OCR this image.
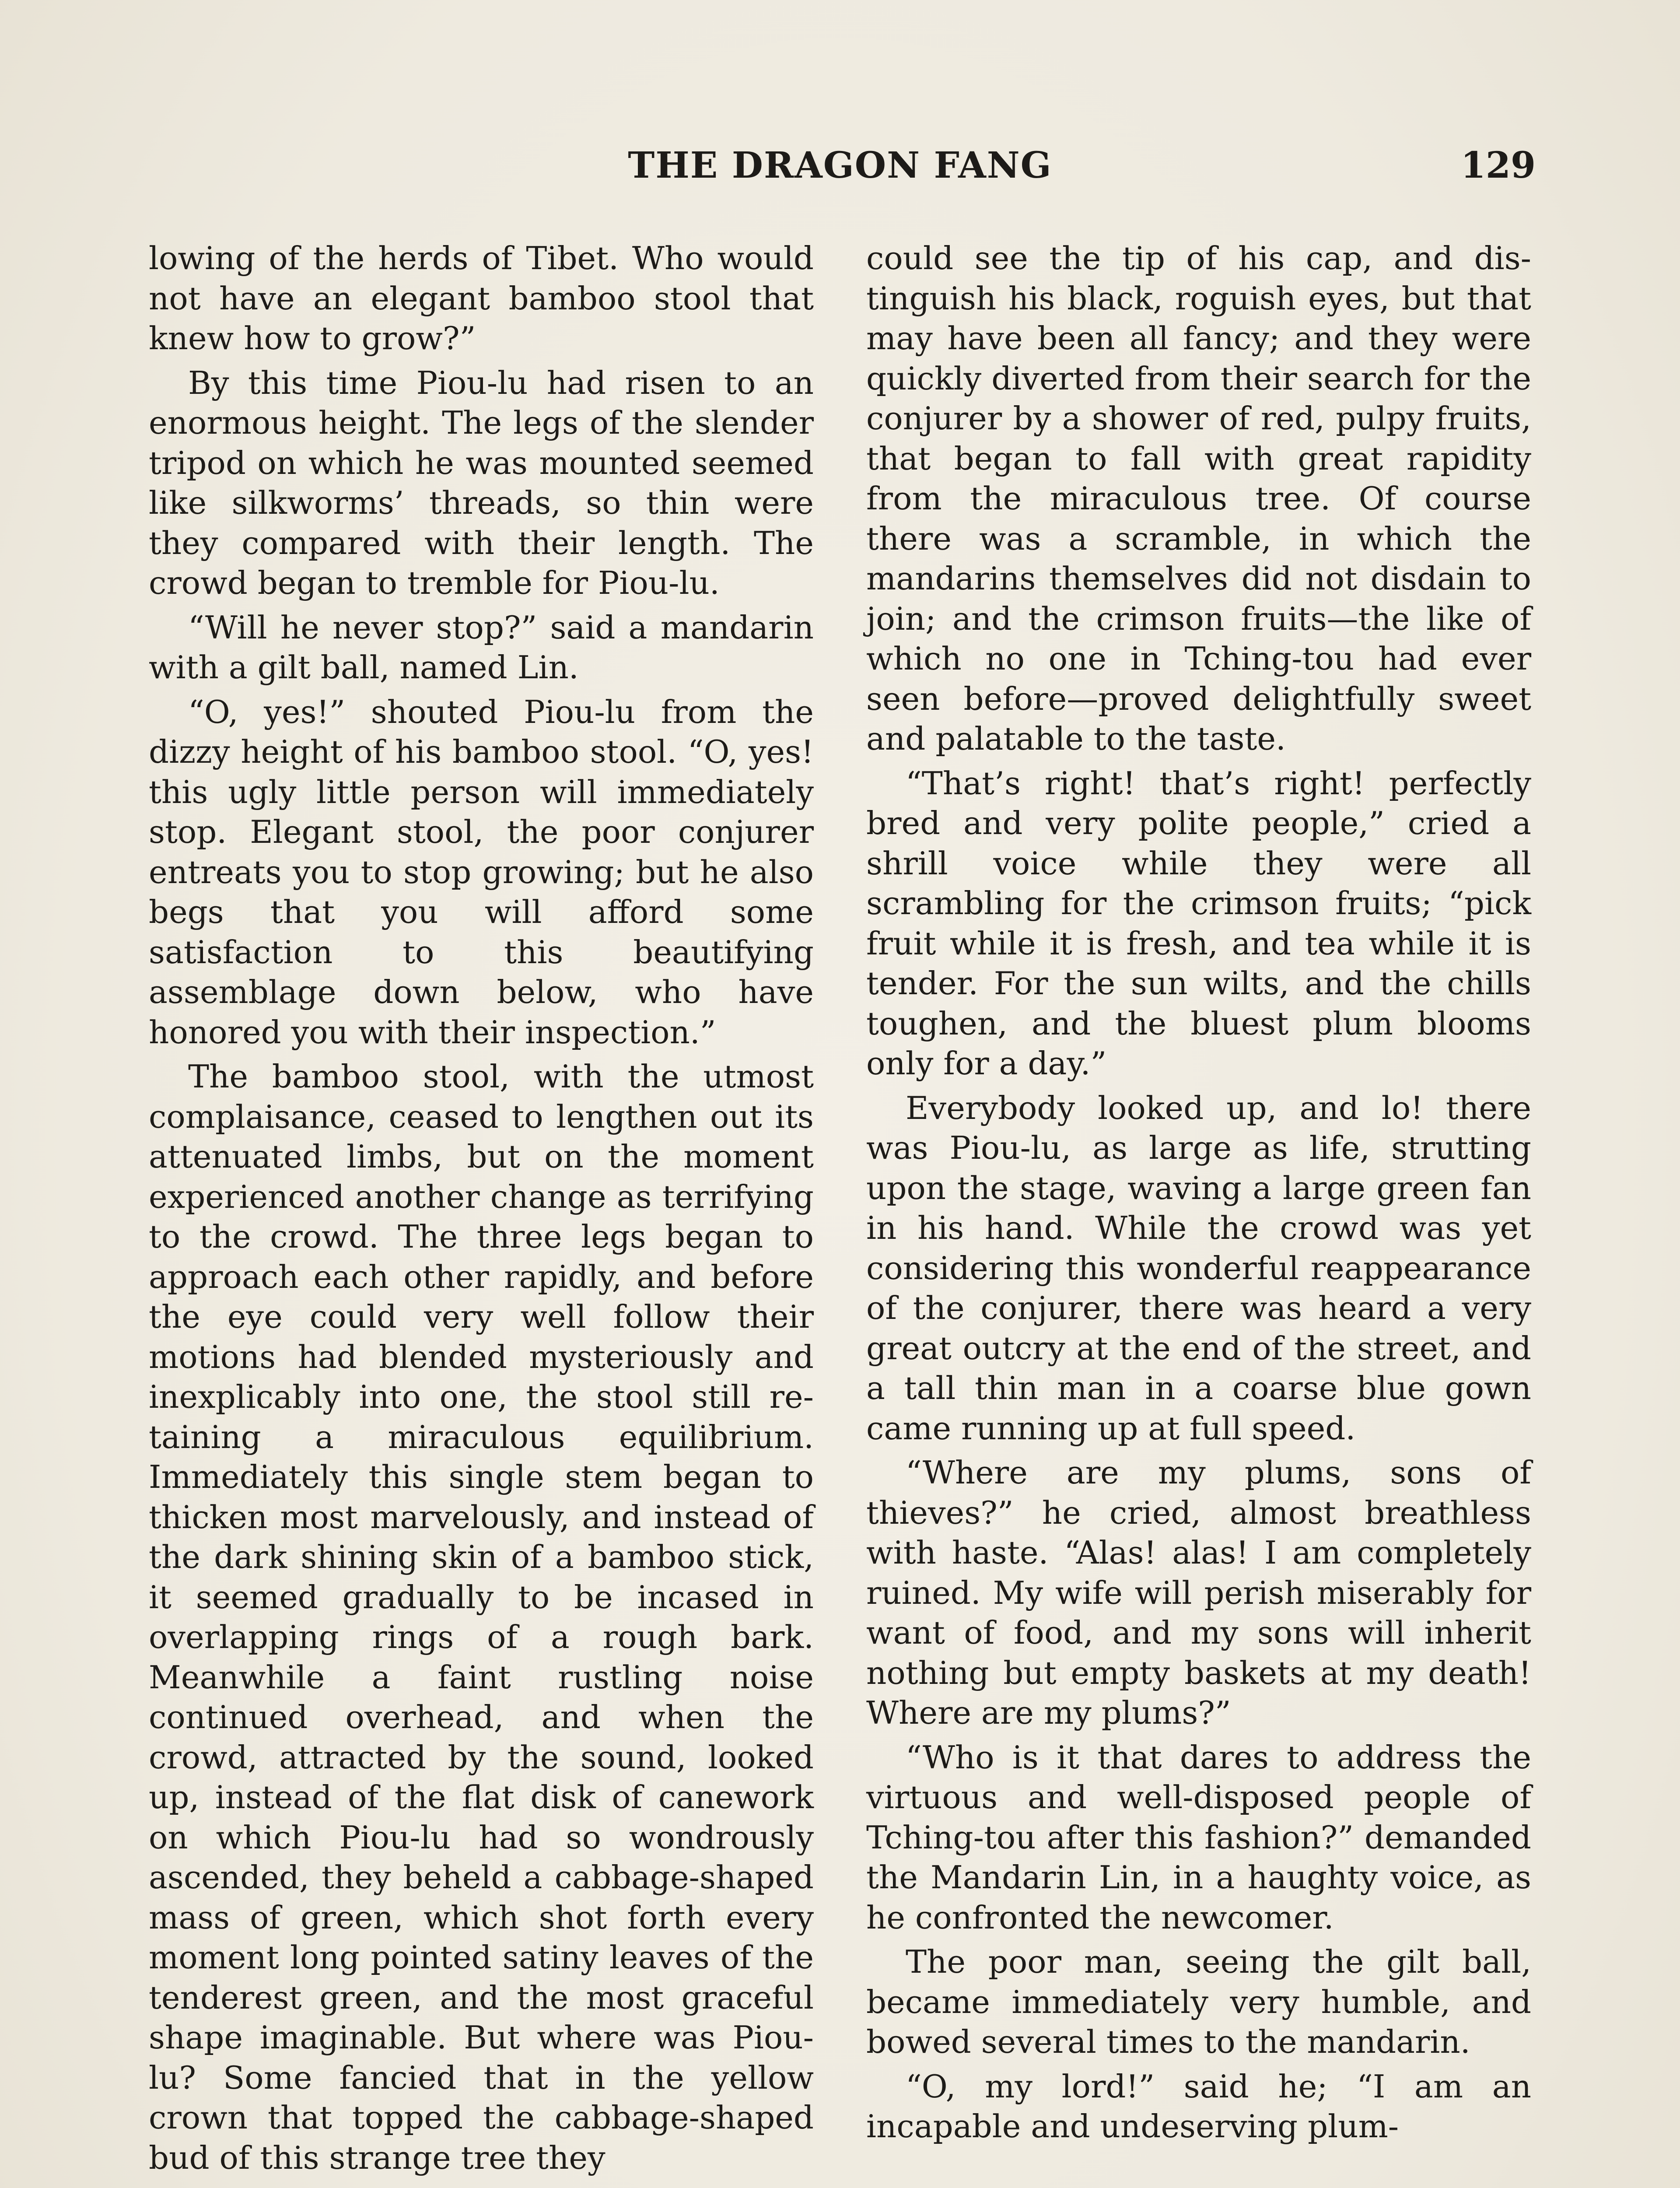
THE DRAGON FANG	129

lowing of the herds of Tibet. Who would not have an elegant bamboo stool that knew how to grow?”

By this time Piou-lu had risen to an enormous height. The legs of the slender tripod on which he was mounted seemed like silkworms’ threads, so thin were they compared with their length. The crowd began to tremble for Piou-lu.

“Will he never stop?” said a mandarin with a gilt ball, named Lin.

“O, yes!” shouted Piou-lu from the dizzy height of his bamboo stool. “O, yes! this ugly little person will immediately stop. Elegant stool, the poor conjurer entreats you to stop growing; but he also begs that you will afford some satisfaction to this beautifying assemblage down below, who have honored you with their inspection.”

The bamboo stool, with the utmost complaisance, ceased to lengthen out its attenuated limbs, but on the moment experienced another change as terrifying to the crowd. The three legs began to approach each other rapidly, and before the eye could very well follow their motions had blended mysteriously and inexplicably into one, the stool still retaining a miraculous equilibrium. Immediately this single stem began to thicken most marvelously, and instead of the dark shining skin of a bamboo stick, it seemed gradually to be incased in overlapping rings of a rough bark. Meanwhile a faint rustling noise continued overhead, and when the crowd, attracted by the sound, looked up, instead of the flat disk of canework on which Piou-lu had so wondrously ascended, they beheld a cabbage-shaped mass of green, which shot forth every moment long pointed satiny leaves of the tenderest green, and the most graceful shape imaginable. But where was Piou-lu? Some fancied that in the yellow crown that topped the cabbage-shaped bud of this strange tree they

could see the tip of his cap, and distinguish his black, roguish eyes, but that may have been all fancy; and they were quickly diverted from their search for the conjurer by a shower of red, pulpy fruits, that began to fall with great rapidity from the miraculous tree. Of course there was a scramble, in which the mandarins themselves did not disdain to join; and the crimson fruits—the like of which no one in Tching-tou had ever seen before—proved delightfully sweet and palatable to the taste.

“That’s right! that’s right! perfectly bred and very polite people,” cried a shrill voice while they were all scrambling for the crimson fruits; “pick fruit while it is fresh, and tea while it is tender. For the sun wilts, and the chills toughen, and the bluest plum blooms only for a day.”

Everybody looked up, and lo! there was Piou-lu, as large as life, strutting upon the stage, waving a large green fan in his hand. While the crowd was yet considering this wonderful reappearance of the conjurer, there was heard a very great outcry at the end of the street, and a tall thin man in a coarse blue gown came running up at full speed.

“Where are my plums, sons of thieves?” he cried, almost breathless with haste. “Alas! alas! I am completely ruined. My wife will perish miserably for want of food, and my sons will inherit nothing but empty baskets at my death! Where are my plums?”

“Who is it that dares to address the virtuous and well-disposed people of Tching-tou after this fashion?” demanded the Mandarin Lin, in a haughty voice, as he confronted the newcomer.

The poor man, seeing the gilt ball, became immediately very humble, and bowed several times to the mandarin.

“O, my lord!” said he; “I am an incapable and undeserving plum-
